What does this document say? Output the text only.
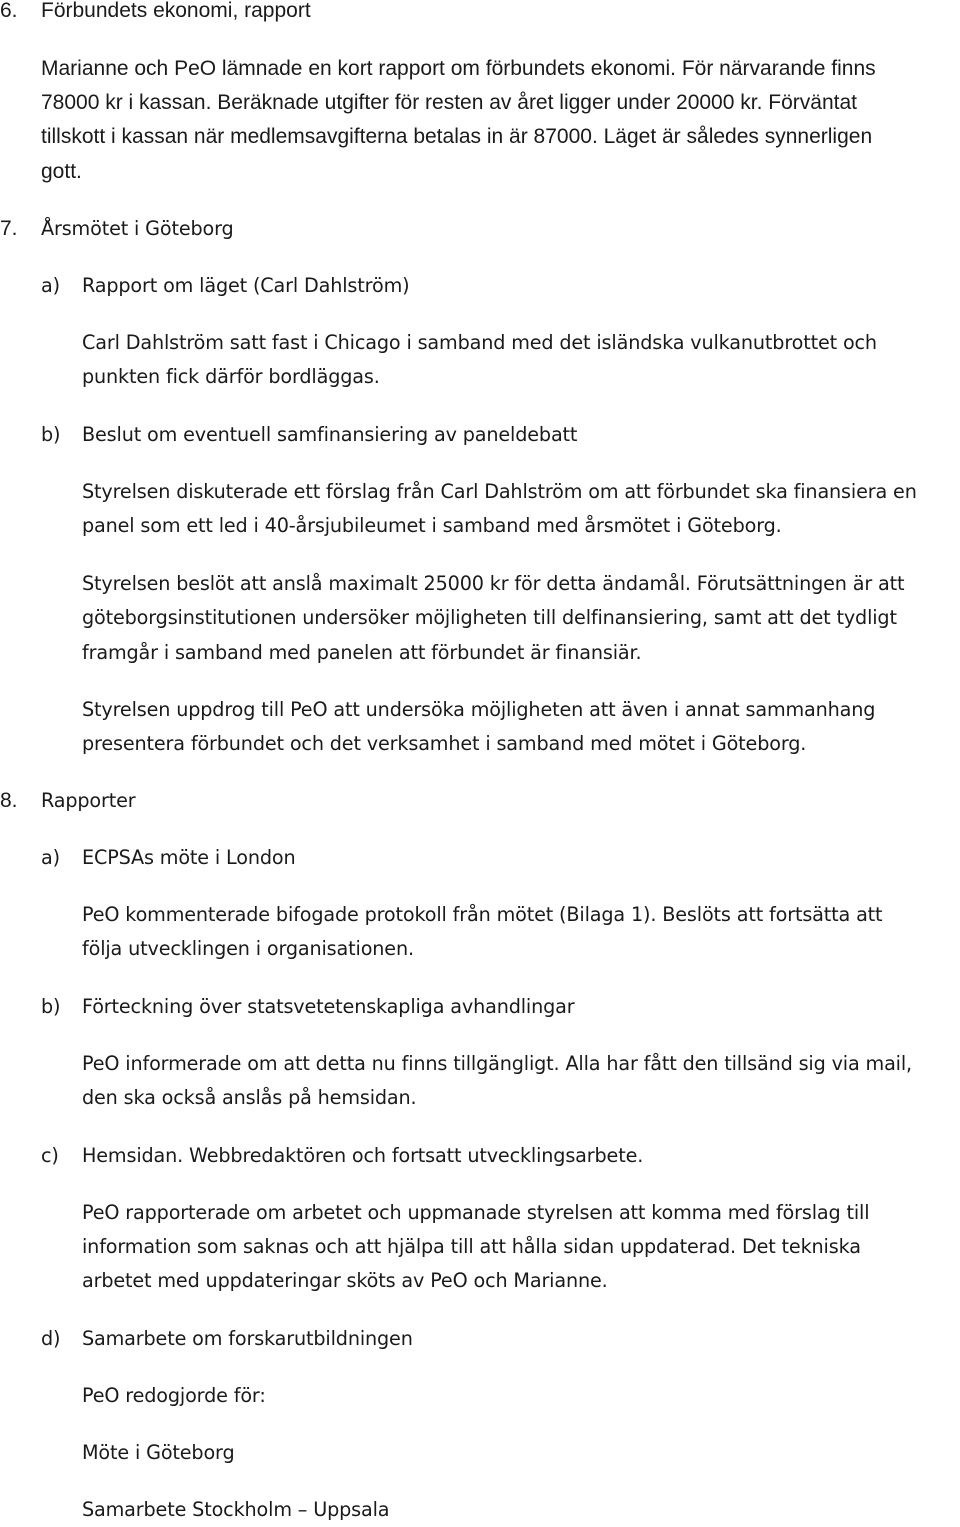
6. Förbundets ekonomi, rapport
Marianne och PeO lämnade en kort rapport om förbundets ekonomi. För närvarande finns
78000 kr i kassan. Beräknade utgifter för resten av året ligger under 20000 kr. Förväntat
tillskott i kassan när medlemsavgifterna betalas in är 87000. Läget är således synnerligen
gott.
7. Årsmötet i Göteborg
a) Rapport om läget (Carl Dahlström)
Carl Dahlström satt fast i Chicago i samband med det isländska vulkanutbrottet och
punkten fick därför bordläggas.
b) Beslut om eventuell samfinansiering av paneldebatt
Styrelsen diskuterade ett förslag från Carl Dahlström om att förbundet ska finansiera en
panel som ett led i 40-årsjubileumet i samband med årsmötet i Göteborg.
Styrelsen beslöt att anslå maximalt 25000 kr för detta ändamål. Förutsättningen är att
göteborgsinstitutionen undersöker möjligheten till delfinansiering, samt att det tydligt
framgår i samband med panelen att förbundet är finansiär.
Styrelsen uppdrog till PeO att undersöka möjligheten att även i annat sammanhang
presentera förbundet och det verksamhet i samband med mötet i Göteborg.
8. Rapporter
a) ECPSAs möte i London
PeO kommenterade bifogade protokoll från mötet (Bilaga 1). Beslöts att fortsätta att
följa utvecklingen i organisationen.
b) Förteckning över statsvetetenskapliga avhandlingar
PeO informerade om att detta nu finns tillgängligt. Alla har fått den tillsänd sig via mail,
den ska också anslås på hemsidan.
c) Hemsidan. Webbredaktören och fortsatt utvecklingsarbete.
PeO rapporterade om arbetet och uppmanade styrelsen att komma med förslag till
information som saknas och att hjälpa till att hålla sidan uppdaterad. Det tekniska
arbetet med uppdateringar sköts av PeO och Marianne.
d) Samarbete om forskarutbildningen
PeO redogjorde för:
Möte i Göteborg
Samarbete Stockholm – Uppsala
